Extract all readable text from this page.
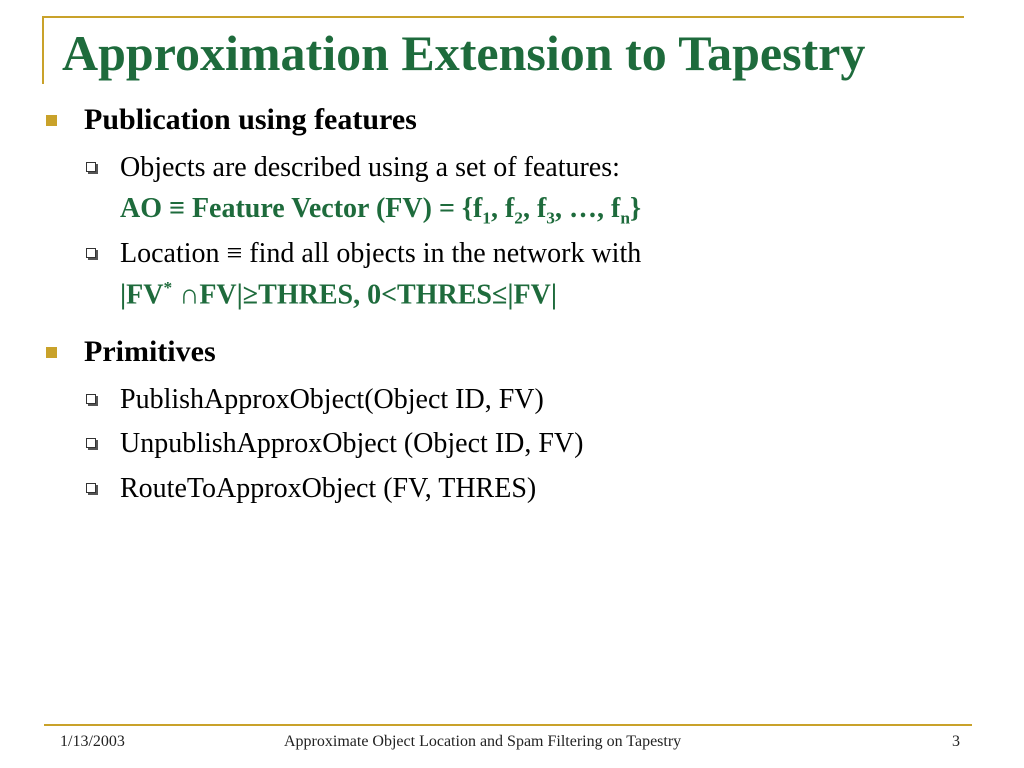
Approximation Extension to Tapestry
Publication using features
Objects are described using a set of features:
AO ≡ Feature Vector $(FV) = \{f_1$, $f_2$, $f_3$, …, $f_n$}
Location ≡ find all objects in the network with
|FV* ∩FV|≥THRES, 0<THRES≤|FV|
Primitives
PublishApproxObject(Object ID, FV)
UnpublishApproxObject (Object ID, FV)
RouteToApproxObject (FV, THRES)
1/13/2003	Approximate Object Location and Spam Filtering on Tapestry	3
